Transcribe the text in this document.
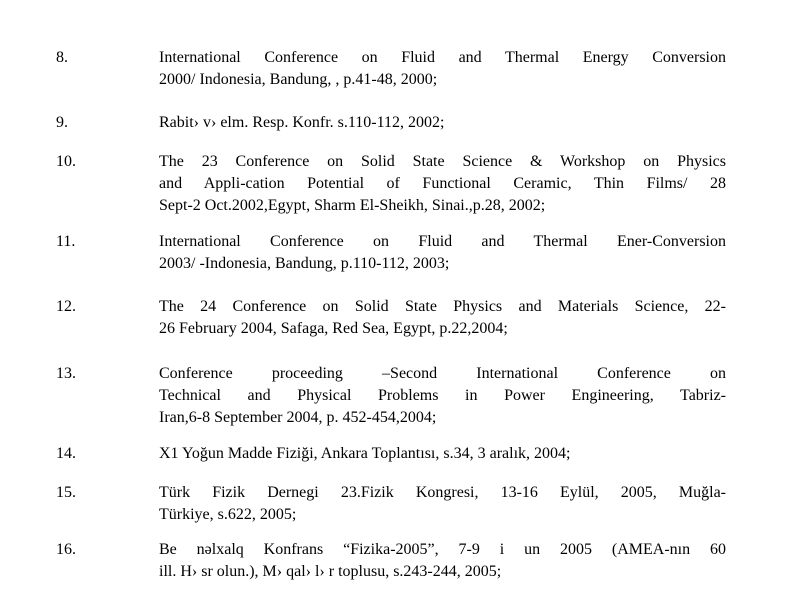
8.	International Conference on Fluid and Thermal Energy Conversion
2000/ Indonesia, Bandung, , p.41-48, 2000;
9.	Rabit› v› elm. Resp. Konfr. s.110-112, 2002;
10.	The 23 Conference on Solid State Science & Workshop on Physics
and Appli-cation Potential of Functional Ceramic, Thin Films/ 28
Sept-2 Oct.2002,Egypt, Sharm El-Sheikh, Sinai.,p.28, 2002;
11.	International Conference on Fluid and Thermal Ener-Conversion
2003/ -Indonesia, Bandung, p.110-112, 2003;
12.	The 24 Conference on Solid State Physics and Materials Science, 22-
26 February 2004, Safaga, Red Sea, Egypt, p.22,2004;
13.	Conference proceeding –Second International Conference on
Technical and Physical Problems in Power Engineering, Tabriz-
Iran,6-8 September 2004, p. 452-454,2004;
14.	X1 Yoğun Madde Fiziği, Ankara Toplantısı, s.34, 3 aralık, 2004;
15.	Türk Fizik Dernegi 23.Fizik Kongresi, 13-16 Eylül, 2005, Muğla-
Türkiye, s.622, 2005;
16.	Be nəlxalq Konfrans “Fizika-2005”, 7-9 i un 2005 (AMEA-nın 60
ill. H› sr olun.), M› qal› l› r toplusu, s.243-244, 2005;
